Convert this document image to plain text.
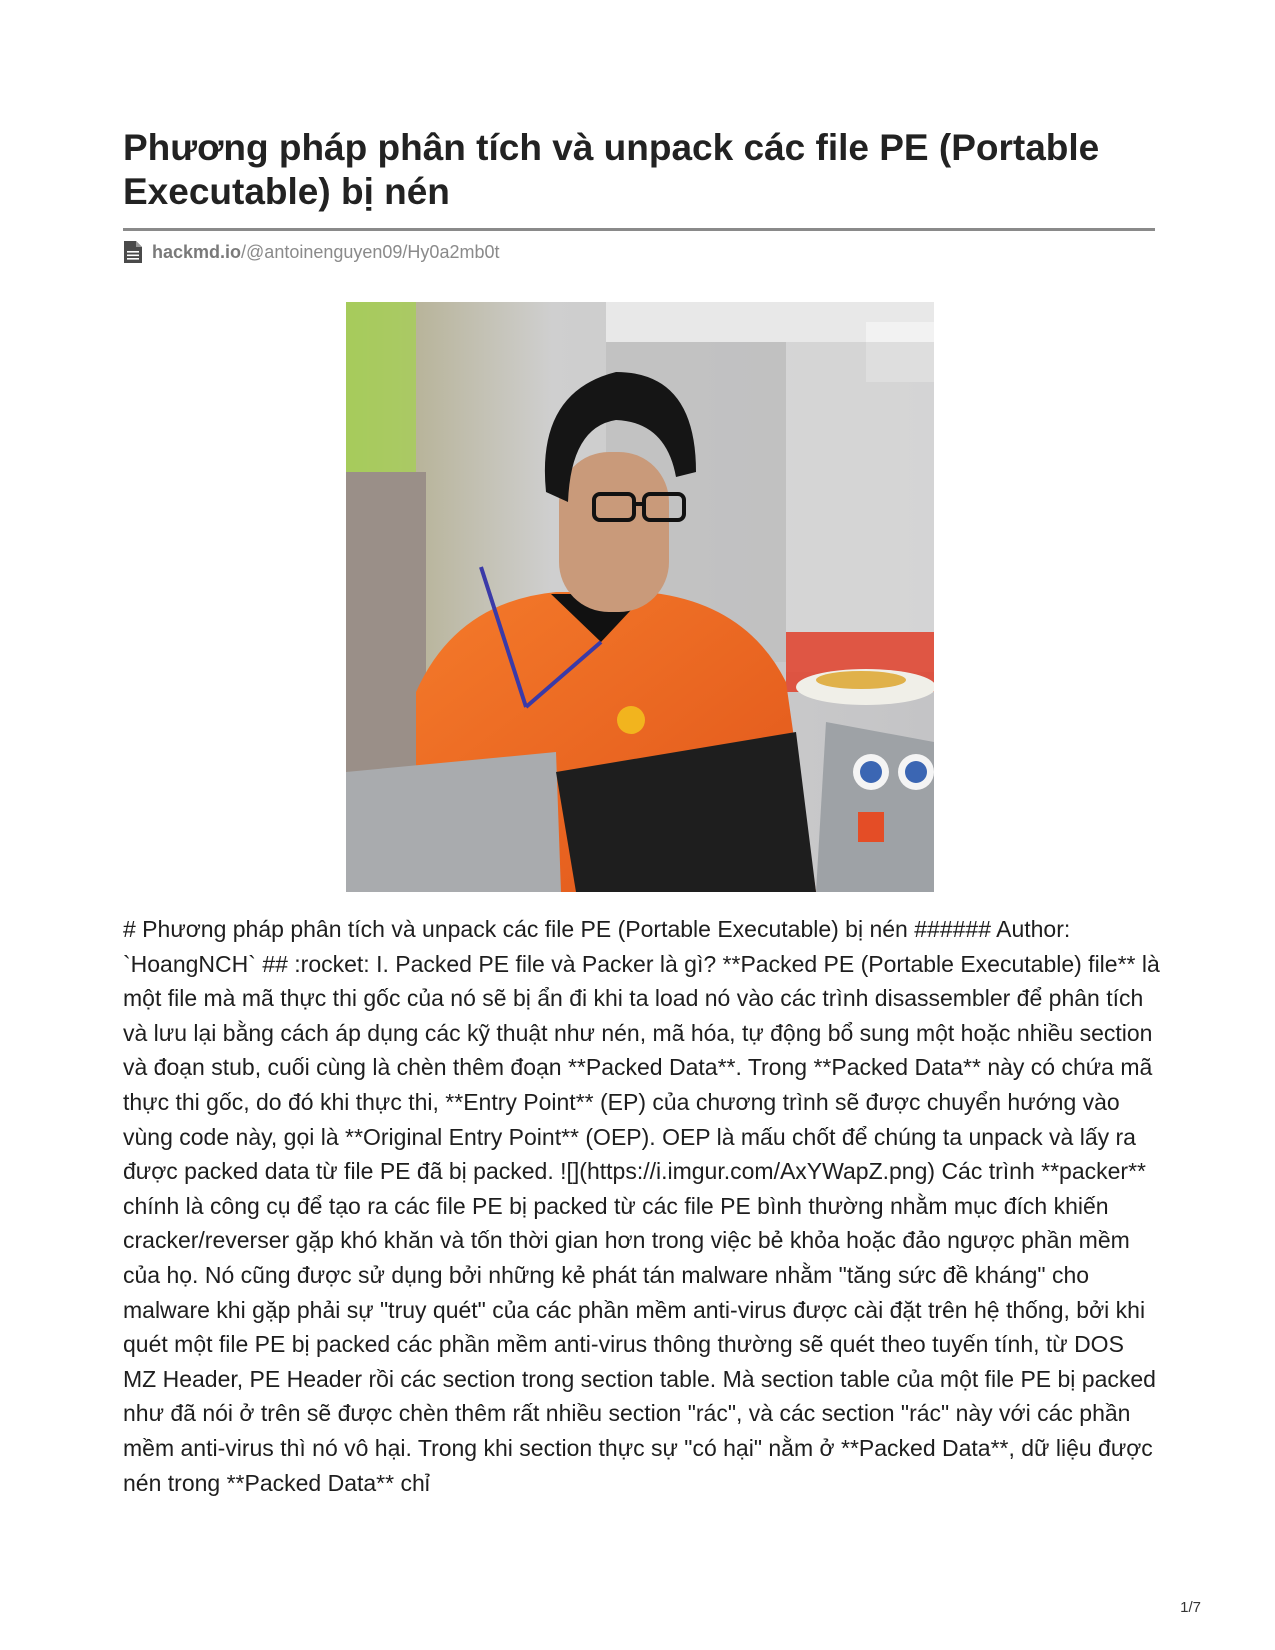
Phương pháp phân tích và unpack các file PE (Portable Executable) bị nén
hackmd.io /@antoinenguyen09/Hy0a2mb0t

# Phương pháp phân tích và unpack các file PE (Portable Executable) bị nén ###### Author: `HoangNCH` ## :rocket: I. Packed PE file và Packer là gì? **Packed PE (Portable Executable) file** là một file mà mã thực thi gốc của nó sẽ bị ẩn đi khi ta load nó vào các trình disassembler để phân tích và lưu lại bằng cách áp dụng các kỹ thuật như nén, mã hóa, tự động bổ sung một hoặc nhiều section và đoạn stub, cuối cùng là chèn thêm đoạn **Packed Data**. Trong **Packed Data** này có chứa mã thực thi gốc, do đó khi thực thi, **Entry Point** (EP) của chương trình sẽ được chuyển hướng vào vùng code này, gọi là **Original Entry Point** (OEP). OEP là mấu chốt để chúng ta unpack và lấy ra được packed data từ file PE đã bị packed. ![](https://i.imgur.com/AxYWapZ.png) Các trình **packer** chính là công cụ để tạo ra các file PE bị packed từ các file PE bình thường nhằm mục đích khiến cracker/reverser gặp khó khăn và tốn thời gian hơn trong việc bẻ khỏa hoặc đảo ngược phần mềm của họ. Nó cũng được sử dụng bởi những kẻ phát tán malware nhằm "tăng sức đề kháng" cho malware khi gặp phải sự "truy quét" của các phần mềm anti-virus được cài đặt trên hệ thống, bởi khi quét một file PE bị packed các phần mềm anti-virus thông thường sẽ quét theo tuyến tính, từ DOS MZ Header, PE Header rồi các section trong section table. Mà section table của một file PE bị packed như đã nói ở trên sẽ được chèn thêm rất nhiều section "rác", và các section "rác" này với các phần mềm anti-virus thì nó vô hại. Trong khi section thực sự "có hại" nằm ở **Packed Data**, dữ liệu được nén trong **Packed Data** chỉ

1/7
